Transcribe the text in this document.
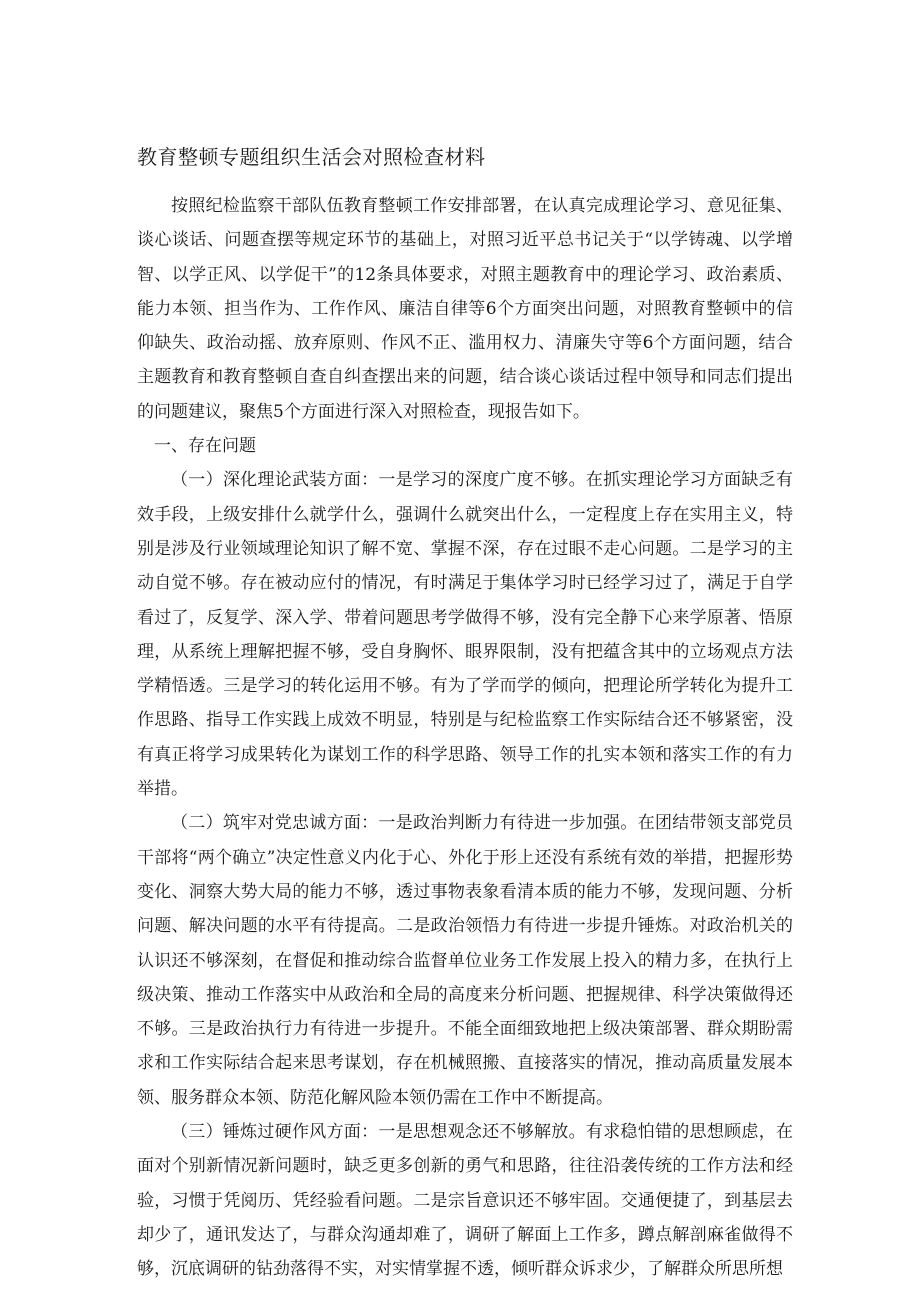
教育整顿专题组织生活会对照检查材料

按照纪检监察干部队伍教育整顿工作安排部署，在认真完成理论学习、意见征集、谈心谈话、问题查摆等规定环节的基础上，对照习近平总书记关于“以学铸魂、以学增智、以学正风、以学促干”的12条具体要求，对照主题教育中的理论学习、政治素质、能力本领、担当作为、工作作风、廉洁自律等6个方面突出问题，对照教育整顿中的信仰缺失、政治动摇、放弃原则、作风不正、滥用权力、清廉失守等6个方面问题，结合主题教育和教育整顿自查自纠查摆出来的问题，结合谈心谈话过程中领导和同志们提出的问题建议，聚焦5个方面进行深入对照检查，现报告如下。

一、存在问题

（一）深化理论武装方面：一是学习的深度广度不够。在抓实理论学习方面缺乏有效手段，上级安排什么就学什么，强调什么就突出什么，一定程度上存在实用主义，特别是涉及行业领域理论知识了解不宽、掌握不深，存在过眼不走心问题。二是学习的主动自觉不够。存在被动应付的情况，有时满足于集体学习时已经学习过了，满足于自学看过了，反复学、深入学、带着问题思考学做得不够，没有完全静下心来学原著、悟原理，从系统上理解把握不够，受自身胸怀、眼界限制，没有把蕴含其中的立场观点方法学精悟透。三是学习的转化运用不够。有为了学而学的倾向，把理论所学转化为提升工作思路、指导工作实践上成效不明显，特别是与纪检监察工作实际结合还不够紧密，没有真正将学习成果转化为谋划工作的科学思路、领导工作的扎实本领和落实工作的有力举措。

（二）筑牢对党忠诚方面：一是政治判断力有待进一步加强。在团结带领支部党员干部将“两个确立”决定性意义内化于心、外化于形上还没有系统有效的举措，把握形势变化、洞察大势大局的能力不够，透过事物表象看清本质的能力不够，发现问题、分析问题、解决问题的水平有待提高。二是政治领悟力有待进一步提升锤炼。对政治机关的认识还不够深刻，在督促和推动综合监督单位业务工作发展上投入的精力多，在执行上级决策、推动工作落实中从政治和全局的高度来分析问题、把握规律、科学决策做得还不够。三是政治执行力有待进一步提升。不能全面细致地把上级决策部署、群众期盼需求和工作实际结合起来思考谋划，存在机械照搬、直接落实的情况，推动高质量发展本领、服务群众本领、防范化解风险本领仍需在工作中不断提高。

（三）锤炼过硬作风方面：一是思想观念还不够解放。有求稳怕错的思想顾虑，在面对个别新情况新问题时，缺乏更多创新的勇气和思路，往往沿袭传统的工作方法和经验，习惯于凭阅历、凭经验看问题。二是宗旨意识还不够牢固。交通便捷了，到基层去却少了，通讯发达了，与群众沟通却难了，调研了解面上工作多，蹲点解剖麻雀做得不够，沉底调研的钻劲落得不实，对实情掌握不透，倾听群众诉求少，了解群众所思所想
